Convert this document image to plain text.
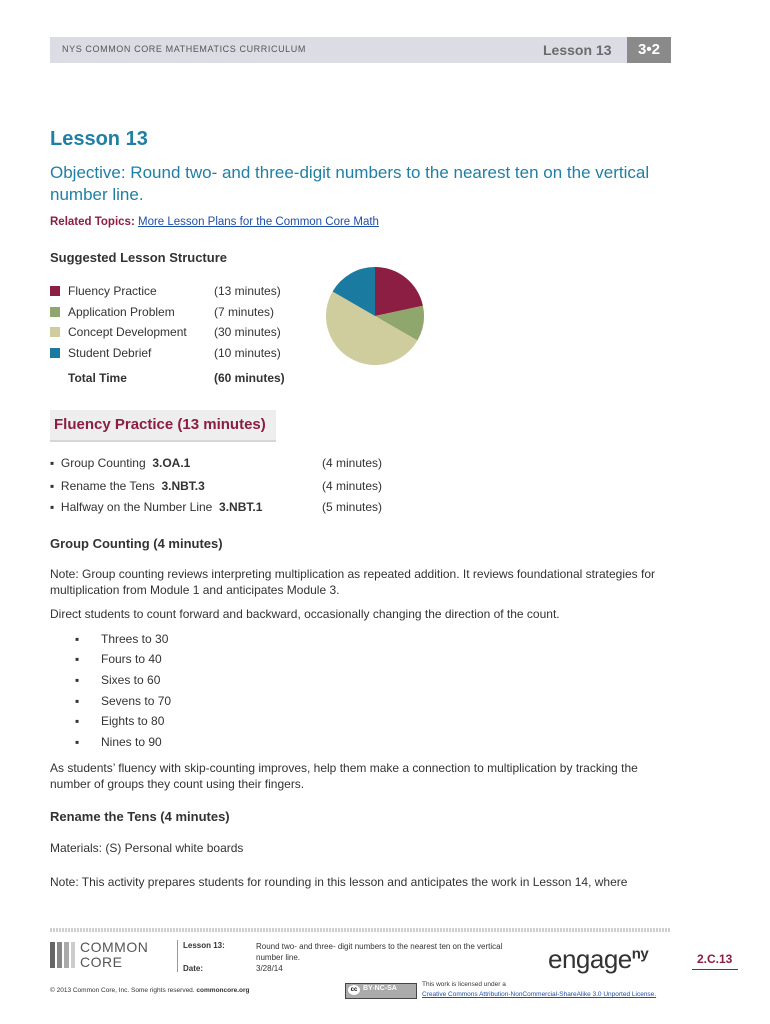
NYS COMMON CORE MATHEMATICS CURRICULUM	Lesson 13	3•2
Lesson 13
Objective: Round two- and three-digit numbers to the nearest ten on the vertical number line.
Related Topics: More Lesson Plans for the Common Core Math
Suggested Lesson Structure
Fluency Practice	(13 minutes)
Application Problem	(7 minutes)
Concept Development (30 minutes)
Student Debrief	(10 minutes)
Total Time	(60 minutes)
Fluency Practice (13 minutes)
▪  Group Counting 3.OA.1	(4 minutes)
▪  Rename the Tens 3.NBT.3	(4 minutes)
▪  Halfway on the Number Line 3.NBT.1	(5 minutes)
Group Counting (4 minutes)
Note: Group counting reviews interpreting multiplication as repeated addition. It reviews foundational strategies for multiplication from Module 1 and anticipates Module 3.
Direct students to count forward and backward, occasionally changing the direction of the count.
▪ Threes to 30
▪ Fours to 40
▪ Sixes to 60
▪ Sevens to 70
▪ Eights to 80
▪ Nines to 90
As students’ fluency with skip-counting improves, help them make a connection to multiplication by tracking the number of groups they count using their fingers.
Rename the Tens (4 minutes)
Materials: (S) Personal white boards
Note: This activity prepares students for rounding in this lesson and anticipates the work in Lesson 14, where
COMMON
CORE
Lesson 13:
Date:
Round two- and three- digit numbers to the nearest ten on the vertical number line.
3/28/14	engage$^{ny}$	2.C.13
© 2013 Common Core, Inc. Some rights reserved. commoncore.org	cc BY-NC-SA
This work is licensed under a
Creative Commons Attribution-NonCommercial-ShareAlike 3.0 Unported License.
